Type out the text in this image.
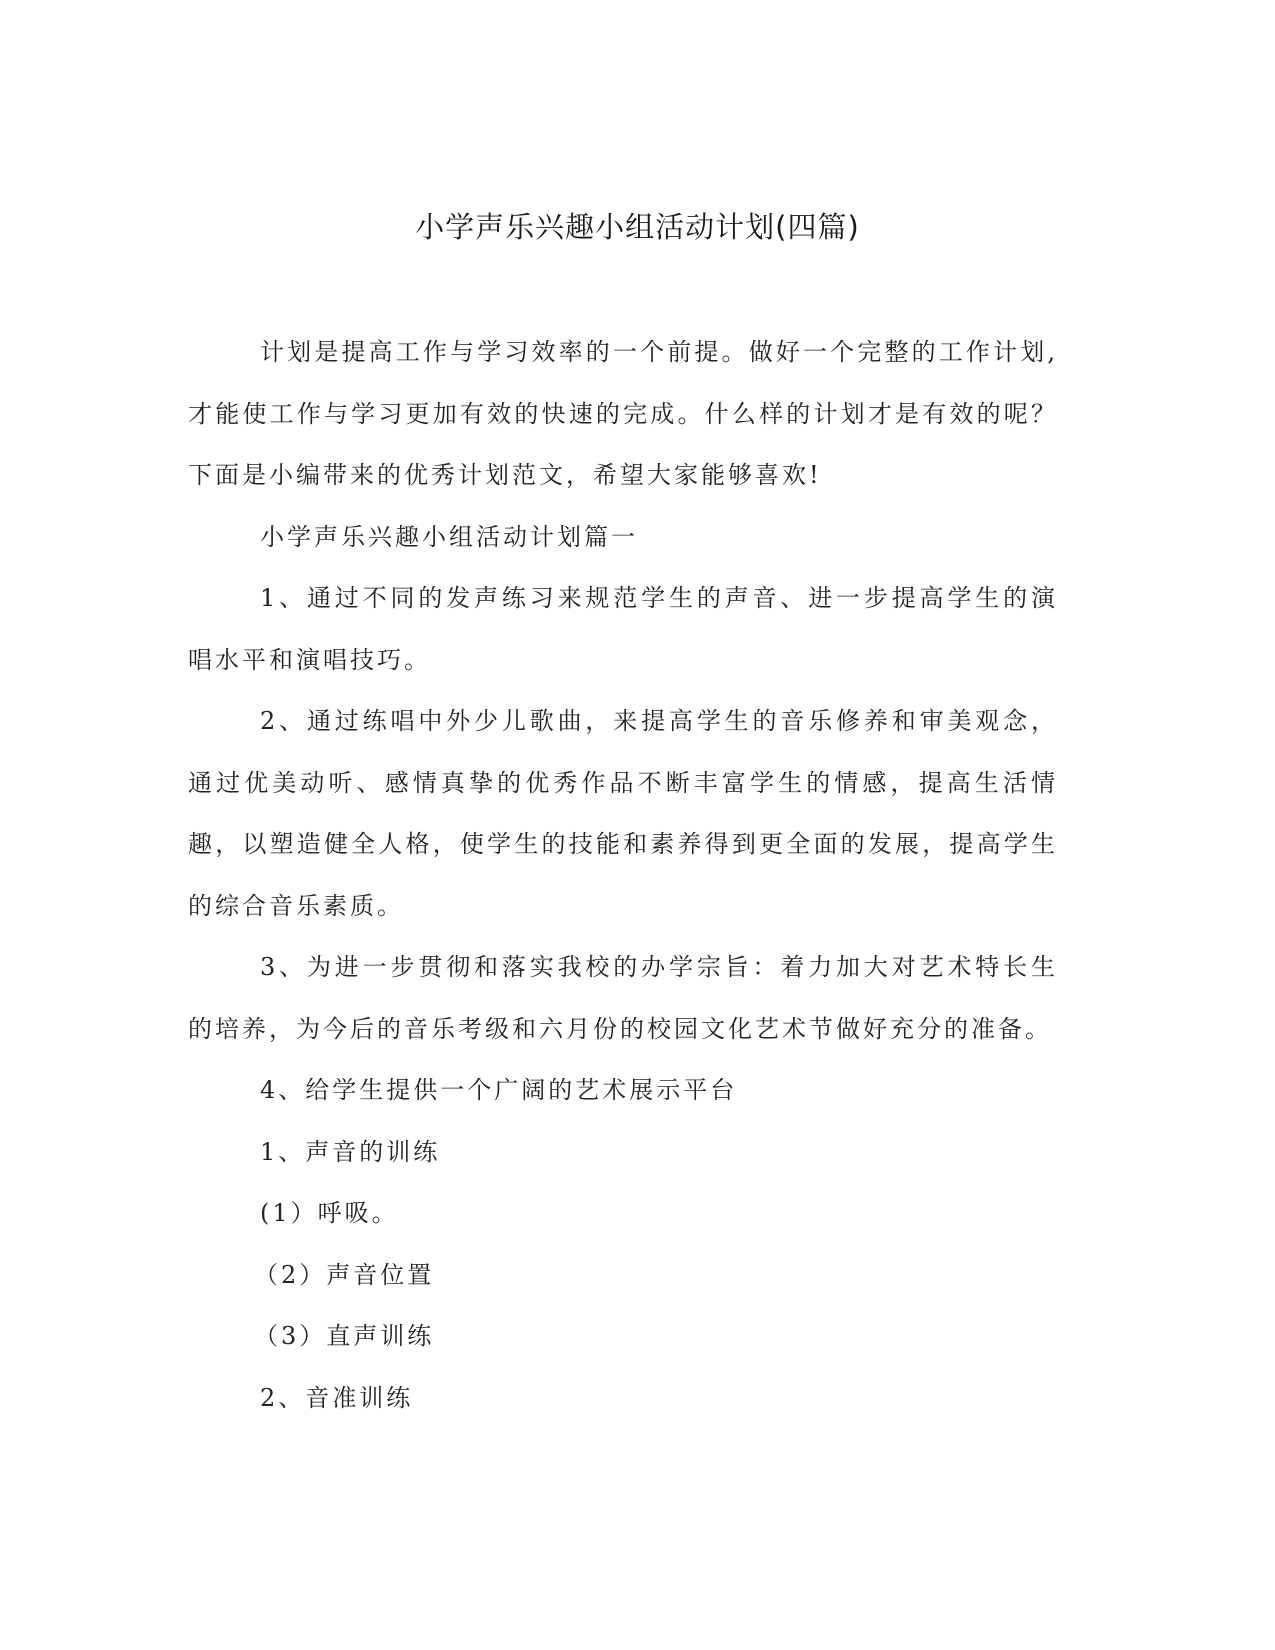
小学声乐兴趣小组活动计划(四篇)

计划是提高工作与学习效率的一个前提。做好一个完整的工作计划,才能使工作与学习更加有效的快速的完成。什么样的计划才是有效的呢？下面是小编带来的优秀计划范文，希望大家能够喜欢!

小学声乐兴趣小组活动计划篇一

1、通过不同的发声练习来规范学生的声音、进一步提高学生的演唱水平和演唱技巧。

2、通过练唱中外少儿歌曲，来提高学生的音乐修养和审美观念，通过优美动听、感情真挚的优秀作品不断丰富学生的情感，提高生活情趣，以塑造健全人格，使学生的技能和素养得到更全面的发展，提高学生的综合音乐素质。

3、为进一步贯彻和落实我校的办学宗旨：着力加大对艺术特长生的培养，为今后的音乐考级和六月份的校园文化艺术节做好充分的准备。

4、给学生提供一个广阔的艺术展示平台

1、声音的训练

(1）呼吸。

（2）声音位置

（3）直声训练

2、音准训练
